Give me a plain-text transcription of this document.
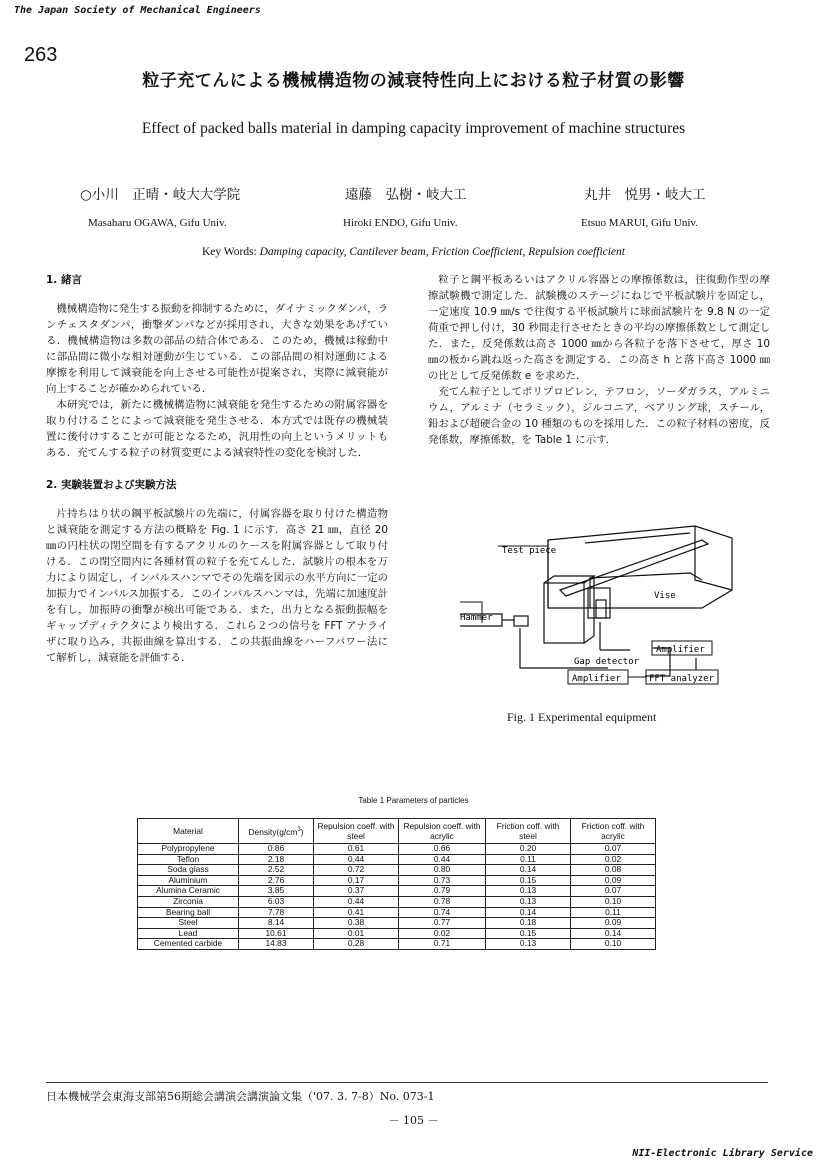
The Japan Society of Mechanical Engineers
263
粒子充てんによる機械構造物の減衰特性向上における粒子材質の影響
Effect of packed balls material in damping capacity improvement of machine structures
○小川　正晴・岐大大学院	遠藤　弘樹・岐大工	丸井　悦男・岐大工
Masaharu OGAWA, Gifu Univ.	Hiroki ENDO, Gifu Univ.	Etsuo MARUI, Gifu Univ.
Key Words: Damping capacity, Cantilever beam, Friction Coefficient, Repulsion coefficient
1. 緒言

機械構造物に発生する振動を抑制するために，ダイナミックダンパ，ランチェスタダンパ，衝撃ダンパなどが採用され，大きな効果をあげている．機械構造物は多数の部品の結合体である．このため，機械は稼動中に部品間に微小な相対運動が生じている．この部品間の相対運動による摩擦を利用して減衰能を向上させる可能性が提案され，実際に減衰能が向上することが確かめられている．

本研究では，新たに機械構造物に減衰能を発生するための附属容器を取り付けることによって減衰能を発生させる．本方式では既存の機械装置に後付けすることが可能となるため，汎用性の向上というメリットもある．充てんする粒子の材質変更による減衰特性の変化を検討した．

2. 実験装置および実験方法

片持ちはり状の鋼平板試験片の先端に，付属容器を取り付けた構造物と減衰能を測定する方法の概略を Fig. 1 に示す．高さ 21 ㎜，直径 20 ㎜の円柱状の閉空間を有するアクリルのケースを附属容器として取り付ける．この閉空間内に各種材質の粒子を充てんした．試験片の根本を万力により固定し，インパルスハンマでその先端を図示の水平方向に一定の加振力でインパルス加振する．このインパルスハンマは，先端に加速度計を有し，加振時の衝撃が検出可能である．また，出力となる振動振幅をギャップディテクタにより検出する．これら２つの信号を FFT アナライザに取り込み，共振曲線を算出する．この共振曲線をハーフパワー法にて解析し，減衰能を評価する．

粒子と鋼平板あるいはアクリル容器との摩擦係数は，往復動作型の摩擦試験機で測定した．試験機のステージにねじで平板試験片を固定し，一定速度 10.9 ㎜/s で往復する平板試験片に球面試験片を 9.8 N の一定荷重で押し付け，30 秒間走行させたときの平均の摩擦係数として測定した．また，反発係数は高さ 1000 ㎜から各粒子を落下させて，厚さ 10 ㎜の板から跳ね返った高さを測定する．この高さ h と落下高さ 1000 ㎜の比として反発係数 e を求めた．

充てん粒子としてポリプロピレン，テフロン，ソーダガラス，アルミニウム，アルミナ（セラミック），ジルコニア，ベアリング球，スチール，鉛および超硬合金の 10 種類のものを採用した．この粒子材料の密度，反発係数，摩擦係数，を Table 1 に示す．

Test piece
Vise
Hammer
Amplifier
Gap detector
Amplifier	FFT analyzer
Fig. 1 Experimental equipment
Table 1 Parameters of particles
Material	$Density(g/cm^3)$	Repulsion coeff. with steel	Repulsion coeff. with acrylic	Friction coff. with steel	Friction coff. with acrylic
Polypropylene	0.86	0.61	0.66	0.20	0.07
Teflon	2.18	0.44	0.44	0.11	0.02
Soda glass	2.52	0.72	0.80	0.14	0.08
Aluminium	2.76	0.17	0.73	0.15	0.09
Alumina Ceramic	3.85	0.37	0.79	0.13	0.07
Zirconia	6.03	0.44	0.78	0.13	0.10
Bearing ball	7.78	0.41	0.74	0.14	0.11
Steel	8.14	0.38	0.77	0.18	0.09
Lead	10.61	0.01	0.02	0.15	0.14
Cemented carbide	14.83	0.28	0.71	0.13	0.10
日本機械学会東海支部第56期総会講演会講演論文集（'07. 3. 7-8）No. 073-1
－ 105 －
NII-Electronic Library Service
